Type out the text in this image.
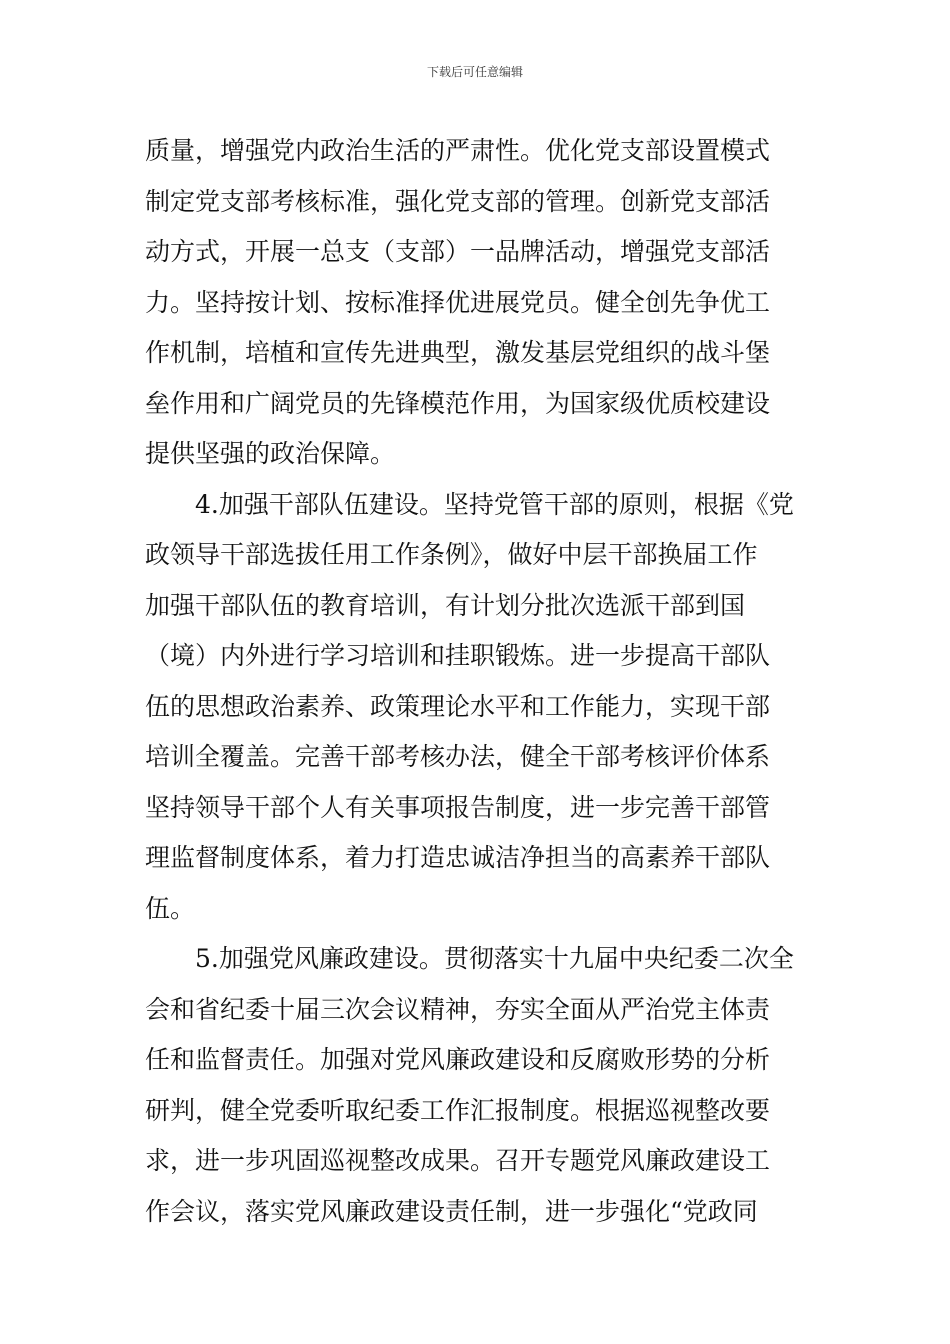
下载后可任意编辑
质量，增强党内政治生活的严肃性。优化党支部设置模式
制定党支部考核标准，强化党支部的管理。创新党支部活
动方式，开展一总支（支部）一品牌活动，增强党支部活
力。坚持按计划、按标准择优进展党员。健全创先争优工
作机制，培植和宣传先进典型，激发基层党组织的战斗堡
垒作用和广阔党员的先锋模范作用，为国家级优质校建设
提供坚强的政治保障。
4.加强干部队伍建设。坚持党管干部的原则，根据《党
政领导干部选拔任用工作条例》，做好中层干部换届工作
加强干部队伍的教育培训，有计划分批次选派干部到国
（境）内外进行学习培训和挂职锻炼。进一步提高干部队
伍的思想政治素养、政策理论水平和工作能力，实现干部
培训全覆盖。完善干部考核办法，健全干部考核评价体系
坚持领导干部个人有关事项报告制度，进一步完善干部管
理监督制度体系，着力打造忠诚洁净担当的高素养干部队
伍。
5.加强党风廉政建设。贯彻落实十九届中央纪委二次全
会和省纪委十届三次会议精神，夯实全面从严治党主体责
任和监督责任。加强对党风廉政建设和反腐败形势的分析
研判，健全党委听取纪委工作汇报制度。根据巡视整改要
求，进一步巩固巡视整改成果。召开专题党风廉政建设工
作会议，落实党风廉政建设责任制，进一步强化“党政同
